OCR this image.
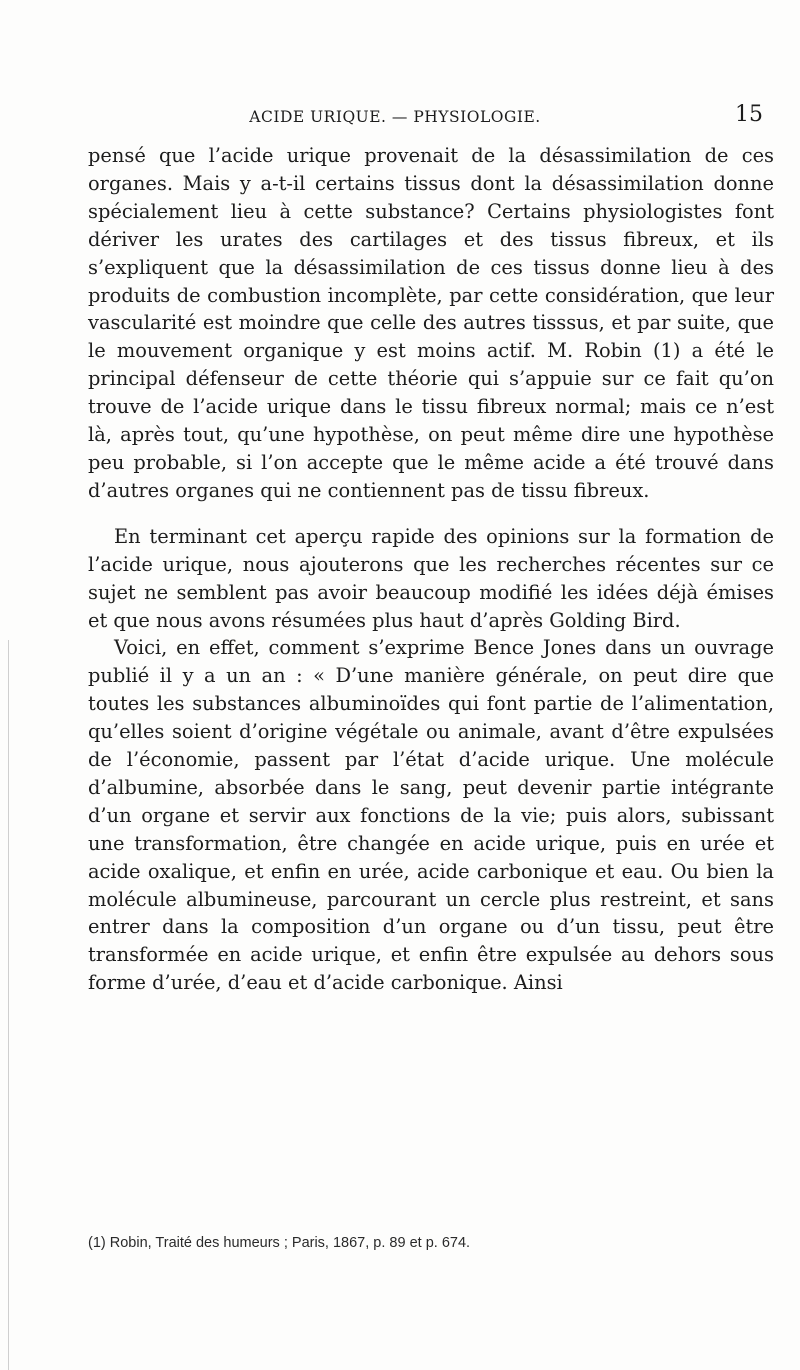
ACIDE URIQUE. — PHYSIOLOGIE.	15

pensé que l’acide urique provenait de la désassimilation de ces organes. Mais y a-t-il certains tissus dont la désassimilation donne spécialement lieu à cette substance? Certains physiologistes font dériver les urates des cartilages et des tissus fibreux, et ils s’expliquent que la désassimilation de ces tissus donne lieu à des produits de combustion incomplète, par cette considération, que leur vascularité est moindre que celle des autres tisssus, et par suite, que le mouvement organique y est moins actif. M. Robin (1) a été le principal défenseur de cette théorie qui s’appuie sur ce fait qu’on trouve de l’acide urique dans le tissu fibreux normal; mais ce n’est là, après tout, qu’une hypothèse, on peut même dire une hypothèse peu probable, si l’on accepte que le même acide a été trouvé dans d’autres organes qui ne contiennent pas de tissu fibreux.

En terminant cet aperçu rapide des opinions sur la formation de l’acide urique, nous ajouterons que les recherches récentes sur ce sujet ne semblent pas avoir beaucoup modifié les idées déjà émises et que nous avons résumées plus haut d’après Golding Bird.

Voici, en effet, comment s’exprime Bence Jones dans un ouvrage publié il y a un an : « D’une manière générale, on peut dire que toutes les substances albuminoïdes qui font partie de l’alimentation, qu’elles soient d’origine végétale ou animale, avant d’être expulsées de l’économie, passent par l’état d’acide urique. Une molécule d’albumine, absorbée dans le sang, peut devenir partie intégrante d’un organe et servir aux fonctions de la vie; puis alors, subissant une transformation, être changée en acide urique, puis en urée et acide oxalique, et enfin en urée, acide carbonique et eau. Ou bien la molécule albumineuse, parcourant un cercle plus restreint, et sans entrer dans la composition d’un organe ou d’un tissu, peut être transformée en acide urique, et enfin être expulsée au dehors sous forme d’urée, d’eau et d’acide carbonique. Ainsi

(1) Robin, Traité des humeurs ; Paris, 1867, p. 89 et p. 674.
